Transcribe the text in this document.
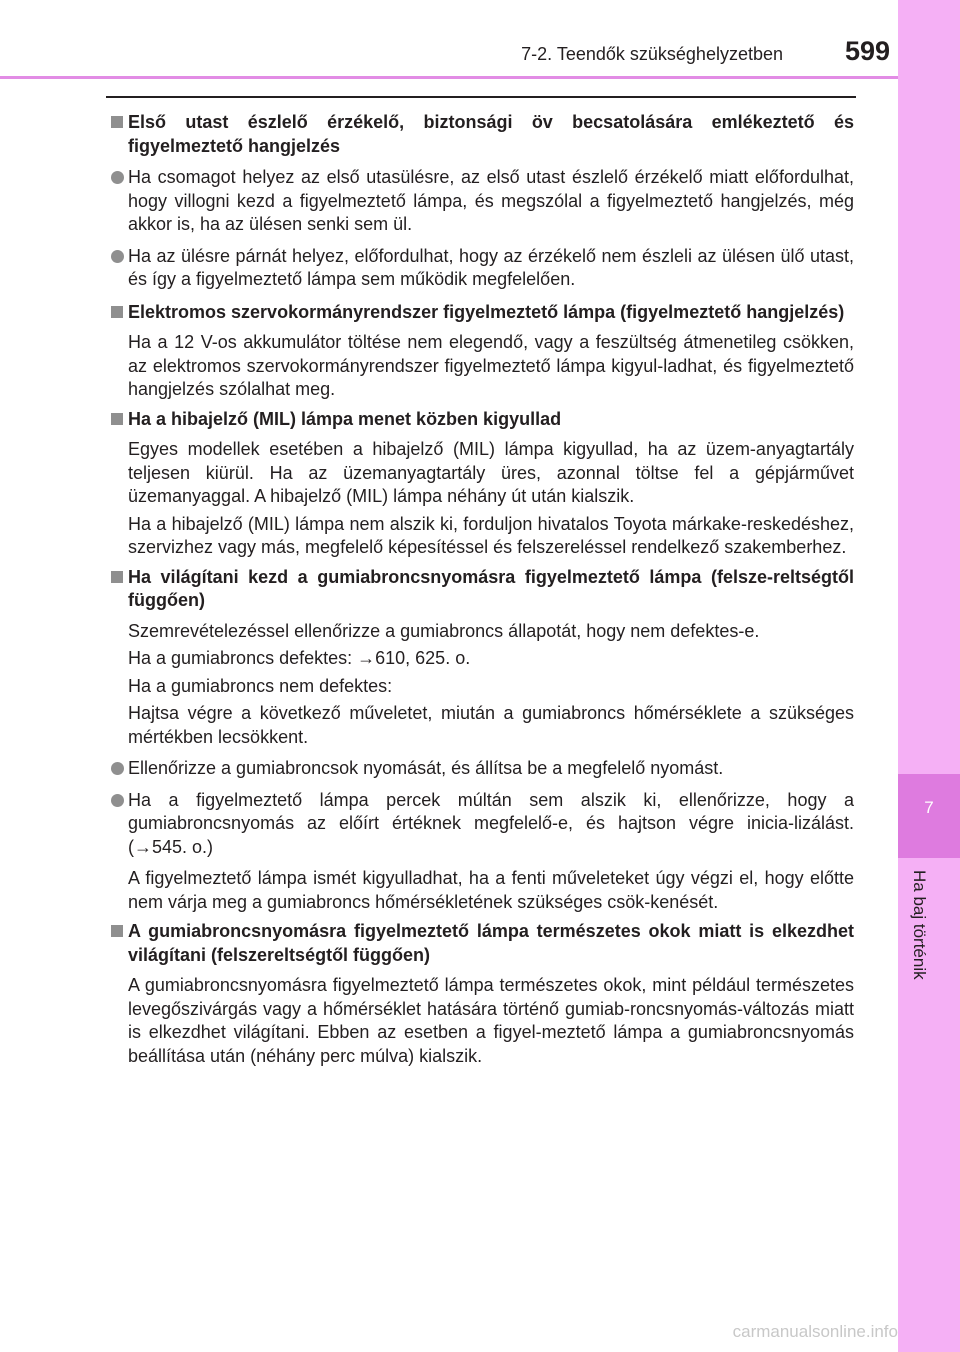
7-2. Teendők szükséghelyzetben	599
7
Ha baj történik
Első utast észlelő érzékelő, biztonsági öv becsatolására emlékeztető és figyelmeztető hangjelzés
Ha csomagot helyez az első utasülésre, az első utast észlelő érzékelő miatt előfordulhat, hogy villogni kezd a figyelmeztető lámpa, és megszólal a figyelmeztető hangjelzés, még akkor is, ha az ülésen senki sem ül.
Ha az ülésre párnát helyez, előfordulhat, hogy az érzékelő nem észleli az ülésen ülő utast, és így a figyelmeztető lámpa sem működik megfelelően.
Elektromos szervokormányrendszer figyelmeztető lámpa (figyelmeztető hangjelzés)
Ha a 12 V-os akkumulátor töltése nem elegendő, vagy a feszültség átmenetileg csökken, az elektromos szervokormányrendszer figyelmeztető lámpa kigyul-ladhat, és figyelmeztető hangjelzés szólalhat meg.
Ha a hibajelző (MIL) lámpa menet közben kigyullad
Egyes modellek esetében a hibajelző (MIL) lámpa kigyullad, ha az üzem-anyagtartály teljesen kiürül. Ha az üzemanyagtartály üres, azonnal töltse fel a gépjárművet üzemanyaggal. A hibajelző (MIL) lámpa néhány út után kialszik.
Ha a hibajelző (MIL) lámpa nem alszik ki, forduljon hivatalos Toyota márkake-reskedéshez, szervizhez vagy más, megfelelő képesítéssel és felszereléssel rendelkező szakemberhez.
Ha világítani kezd a gumiabroncsnyomásra figyelmeztető lámpa (felsze-reltségtől függően)
Szemrevételezéssel ellenőrizze a gumiabroncs állapotát, hogy nem defektes-e.
Ha a gumiabroncs defektes: →610, 625. o.
Ha a gumiabroncs nem defektes:
Hajtsa végre a következő műveletet, miután a gumiabroncs hőmérséklete a szükséges mértékben lecsökkent.
Ellenőrizze a gumiabroncsok nyomását, és állítsa be a megfelelő nyomást.
Ha a figyelmeztető lámpa percek múltán sem alszik ki, ellenőrizze, hogy a gumiabroncsnyomás az előírt értéknek megfelelő-e, és hajtson végre inicia-lizálást. (→545. o.)
A figyelmeztető lámpa ismét kigyulladhat, ha a fenti műveleteket úgy végzi el, hogy előtte nem várja meg a gumiabroncs hőmérsékletének szükséges csök-kenését.
A gumiabroncsnyomásra figyelmeztető lámpa természetes okok miatt is elkezdhet világítani (felszereltségtől függően)
A gumiabroncsnyomásra figyelmeztető lámpa természetes okok, mint például természetes levegőszivárgás vagy a hőmérséklet hatására történő gumiab-roncsnyomás-változás miatt is elkezdhet világítani. Ebben az esetben a figyel-meztető lámpa a gumiabroncsnyomás beállítása után (néhány perc múlva) kialszik.
carmanualsonline.info
